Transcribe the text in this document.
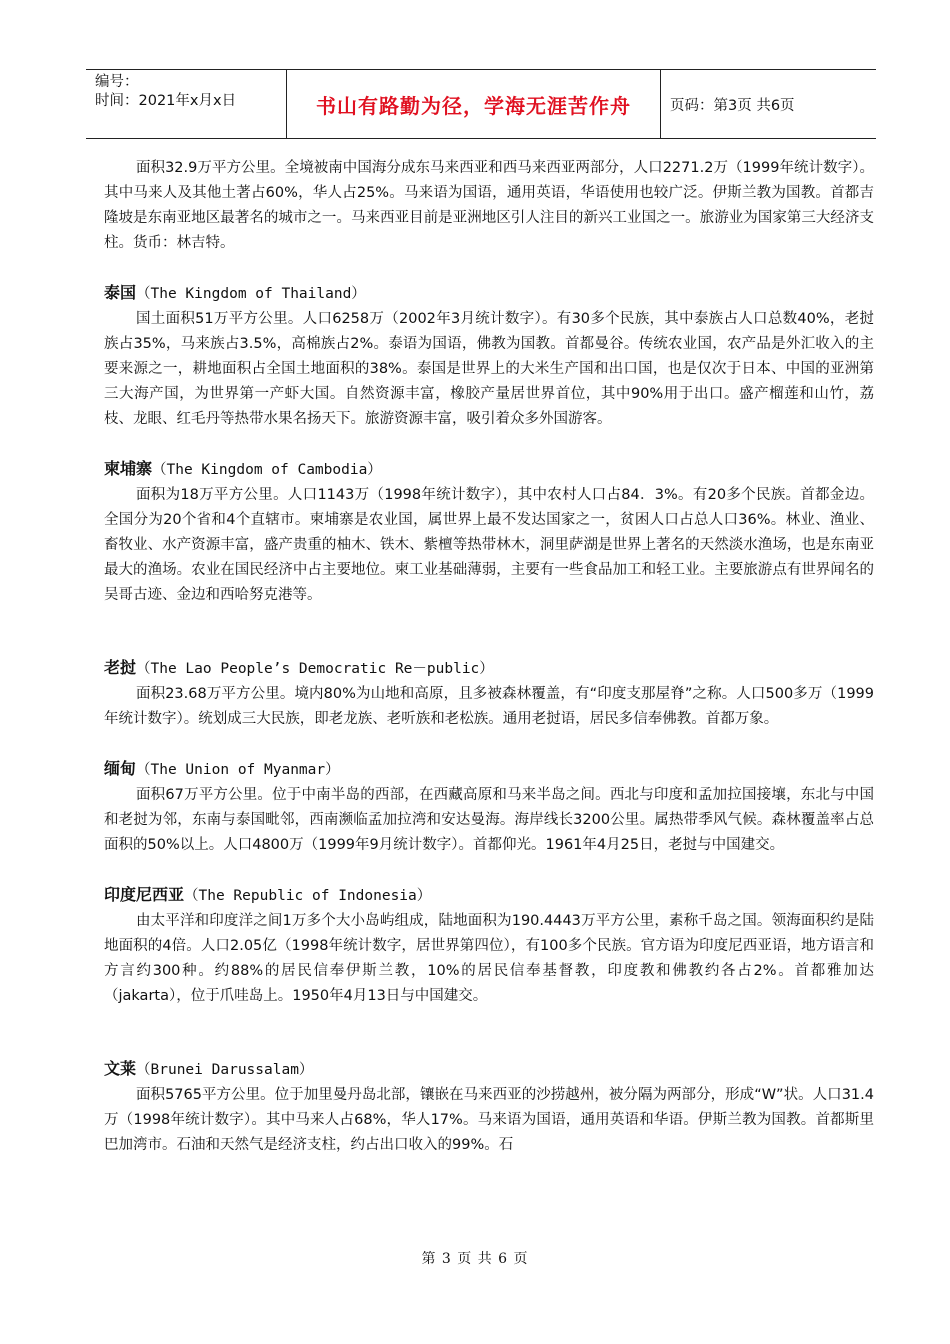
编号：
时间：2021年x月x日	书山有路勤为径，学海无涯苦作舟	页码：第3页 共6页

面积32.9万平方公里。全境被南中国海分成东马来西亚和西马来西亚两部分，人口2271.2万（1999年统计数字）。其中马来人及其他土著占60%，华人占25%。马来语为国语，通用英语，华语使用也较广泛。伊斯兰教为国教。首都吉隆坡是东南亚地区最著名的城市之一。马来西亚目前是亚洲地区引人注目的新兴工业国之一。旅游业为国家第三大经济支柱。货币：林吉特。

泰国（The Kingdom of Thailand）

国土面积51万平方公里。人口6258万（2002年3月统计数字）。有30多个民族，其中泰族占人口总数40%，老挝族占35%，马来族占3.5%，高棉族占2%。泰语为国语，佛教为国教。首都曼谷。传统农业国，农产品是外汇收入的主要来源之一，耕地面积占全国土地面积的38%。泰国是世界上的大米生产国和出口国，也是仅次于日本、中国的亚洲第三大海产国，为世界第一产虾大国。自然资源丰富，橡胶产量居世界首位，其中90%用于出口。盛产榴莲和山竹，荔枝、龙眼、红毛丹等热带水果名扬天下。旅游资源丰富，吸引着众多外国游客。

柬埔寨（The Kingdom of Cambodia）

面积为18万平方公里。人口1143万（1998年统计数字），其中农村人口占84．3%。有20多个民族。首都金边。全国分为20个省和4个直辖市。柬埔寨是农业国，属世界上最不发达国家之一，贫困人口占总人口36%。林业、渔业、畜牧业、水产资源丰富，盛产贵重的柚木、铁木、紫檀等热带林木，洞里萨湖是世界上著名的天然淡水渔场，也是东南亚最大的渔场。农业在国民经济中占主要地位。柬工业基础薄弱，主要有一些食品加工和轻工业。主要旅游点有世界闻名的吴哥古迹、金边和西哈努克港等。

老挝（The Lao People’s Democratic Re－public）

面积23.68万平方公里。境内80%为山地和高原，且多被森林覆盖，有“印度支那屋脊”之称。人口500多万（1999年统计数字）。统划成三大民族，即老龙族、老听族和老松族。通用老挝语，居民多信奉佛教。首都万象。

缅甸（The Union of Myanmar）

面积67万平方公里。位于中南半岛的西部，在西藏高原和马来半岛之间。西北与印度和孟加拉国接壤，东北与中国和老挝为邻，东南与泰国毗邻，西南濒临孟加拉湾和安达曼海。海岸线长3200公里。属热带季风气候。森林覆盖率占总面积的50%以上。人口4800万（1999年9月统计数字）。首都仰光。1961年4月25日，老挝与中国建交。

印度尼西亚（The Republic of Indonesia）

由太平洋和印度洋之间1万多个大小岛屿组成，陆地面积为190.4443万平方公里，素称千岛之国。领海面积约是陆地面积的4倍。人口2.05亿（1998年统计数字，居世界第四位），有100多个民族。官方语为印度尼西亚语，地方语言和方言约300种。约88%的居民信奉伊斯兰教，10%的居民信奉基督教，印度教和佛教约各占2%。首都雅加达（jakarta），位于爪哇岛上。1950年4月13日与中国建交。

文莱（Brunei Darussalam）

面积5765平方公里。位于加里曼丹岛北部，镶嵌在马来西亚的沙捞越州，被分隔为两部分，形成“W”状。人口31.4万（1998年统计数字）。其中马来人占68%，华人17%。马来语为国语，通用英语和华语。伊斯兰教为国教。首都斯里巴加湾市。石油和天然气是经济支柱，约占出口收入的99%。石

第 3 页 共 6 页
